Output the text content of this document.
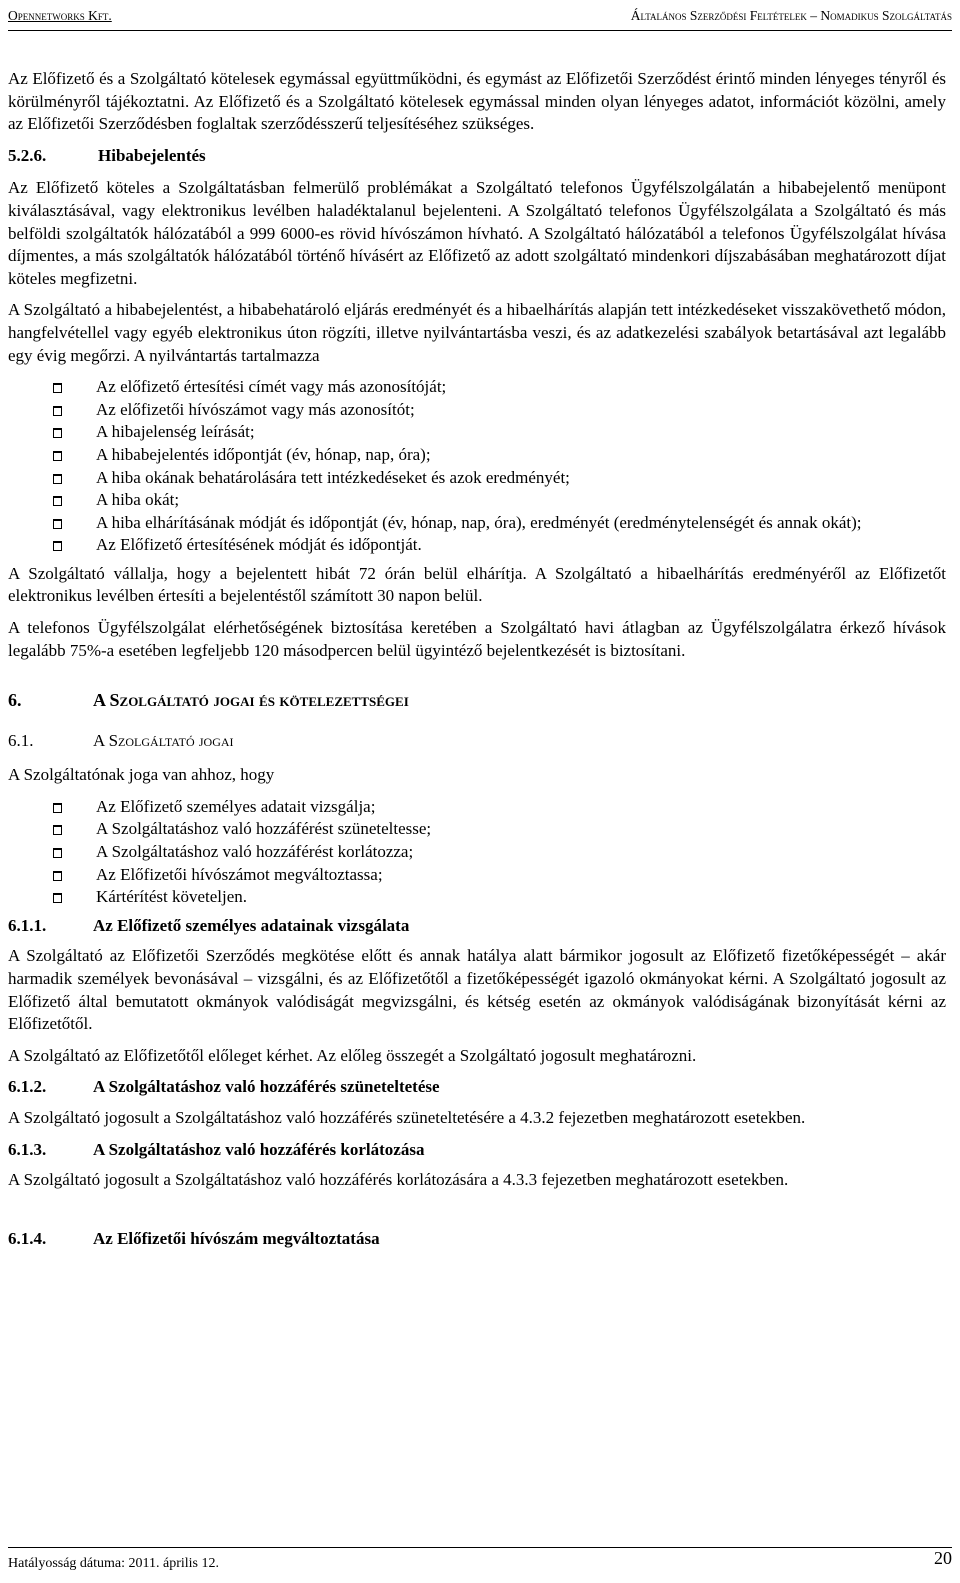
Opennetworks Kft.	Általános Szerződési Feltételek – Nomadikus Szolgáltatás

Az Előfizető és a Szolgáltató kötelesek egymással együttműködni, és egymást az Előfizetői Szerződést érintő minden lényeges tényről és körülményről tájékoztatni. Az Előfizető és a Szolgáltató kötelesek egymással minden olyan lényeges adatot, információt közölni, amely az Előfizetői Szerződésben foglaltak szerződésszerű teljesítéséhez szükséges.

5.2.6.	Hibabejelentés

Az Előfizető köteles a Szolgáltatásban felmerülő problémákat a Szolgáltató telefonos Ügyfélszolgálatán a hibabejelentő menüpont kiválasztásával, vagy elektronikus levélben haladéktalanul bejelenteni. A Szolgáltató telefonos Ügyfélszolgálata a Szolgáltató és más belföldi szolgáltatók hálózatából a 999 6000-es rövid hívószámon hívható. A Szolgáltató hálózatából a telefonos Ügyfélszolgálat hívása díjmentes, a más szolgáltatók hálózatából történő hívásért az Előfizető az adott szolgáltató mindenkori díjszabásában meghatározott díjat köteles megfizetni.

A Szolgáltató a hibabejelentést, a hibabehatároló eljárás eredményét és a hibaelhárítás alapján tett intézkedéseket visszakövethető módon, hangfelvétellel vagy egyéb elektronikus úton rögzíti, illetve nyilvántartásba veszi, és az adatkezelési szabályok betartásával azt legalább egy évig megőrzi. A nyilvántartás tartalmazza

Az előfizető értesítési címét vagy más azonosítóját;
Az előfizetői hívószámot vagy más azonosítót;
A hibajelenség leírását;
A hibabejelentés időpontját (év, hónap, nap, óra);
A hiba okának behatárolására tett intézkedéseket és azok eredményét;
A hiba okát;
A hiba elhárításának módját és időpontját (év, hónap, nap, óra), eredményét (eredménytelenségét és annak okát);
Az Előfizető értesítésének módját és időpontját.

A Szolgáltató vállalja, hogy a bejelentett hibát 72 órán belül elhárítja. A Szolgáltató a hibaelhárítás eredményéről az Előfizetőt elektronikus levélben értesíti a bejelentéstől számított 30 napon belül.

A telefonos Ügyfélszolgálat elérhetőségének biztosítása keretében a Szolgáltató havi átlagban az Ügyfélszolgálatra érkező hívások legalább 75%-a esetében legfeljebb 120 másodpercen belül ügyintéző bejelentkezését is biztosítani.

6.	A Szolgáltató jogai és kötelezettségei
6.1.	A Szolgáltató jogai

A Szolgáltatónak joga van ahhoz, hogy

Az Előfizető személyes adatait vizsgálja;
A Szolgáltatáshoz való hozzáférést szüneteltesse;
A Szolgáltatáshoz való hozzáférést korlátozza;
Az Előfizetői hívószámot megváltoztassa;
Kártérítést követeljen.
6.1.1.	Az Előfizető személyes adatainak vizsgálata

A Szolgáltató az Előfizetői Szerződés megkötése előtt és annak hatálya alatt bármikor jogosult az Előfizető fizetőképességét – akár harmadik személyek bevonásával – vizsgálni, és az Előfizetőtől a fizetőképességét igazoló okmányokat kérni. A Szolgáltató jogosult az Előfizető által bemutatott okmányok valódiságát megvizsgálni, és kétség esetén az okmányok valódiságának bizonyítását kérni az Előfizetőtől.

A Szolgáltató az Előfizetőtől előleget kérhet. Az előleg összegét a Szolgáltató jogosult meghatározni.

6.1.2.	A Szolgáltatáshoz való hozzáférés szüneteltetése

A Szolgáltató jogosult a Szolgáltatáshoz való hozzáférés szüneteltetésére a 4.3.2 fejezetben meghatározott esetekben.

6.1.3.	A Szolgáltatáshoz való hozzáférés korlátozása

A Szolgáltató jogosult a Szolgáltatáshoz való hozzáférés korlátozására a 4.3.3 fejezetben meghatározott esetekben.

6.1.4.	Az Előfizetői hívószám megváltoztatása
Hatályosság dátuma: 2011. április 12.	20
